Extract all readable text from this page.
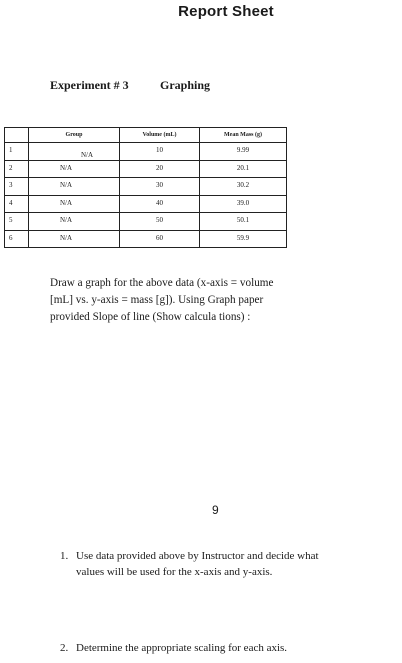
Report Sheet
Experiment # 3	Graphing
	Group	Volume (mL)	Mean Mass (g)
1	N/A	10	9.99
2	N/A	20	20.1
3	N/A	30	30.2
4	N/A	40	39.0
5	N/A	50	50.1
6	N/A	60	59.9
Draw a graph for the above data (x-axis = volume
[mL] vs. y-axis = mass [g]). Using Graph paper
provided Slope of line (Show calcula tions) :
9
1. Use data provided above by Instructor and decide what
values will be used for the x-axis and y-axis.
2. Determine the appropriate scaling for each axis.
